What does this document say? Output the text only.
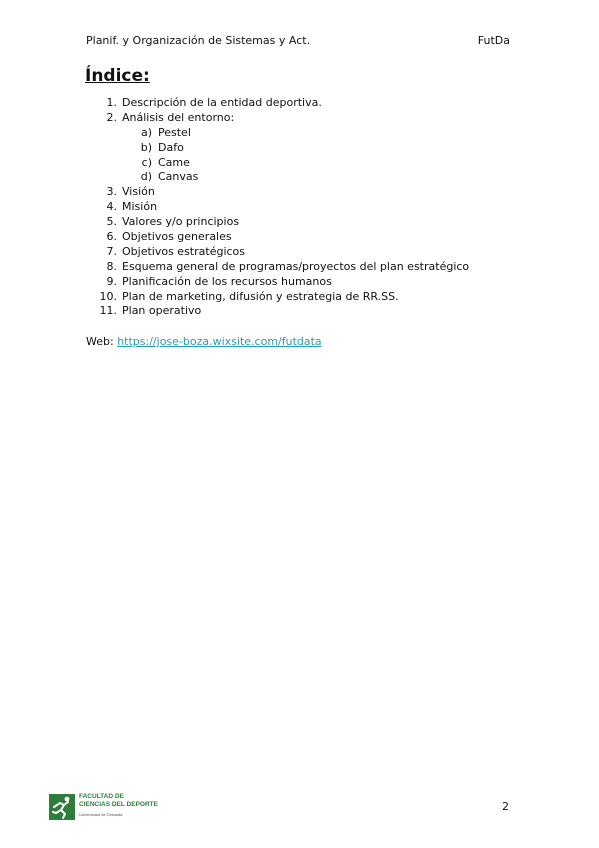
Planif. y Organización de Sistemas y Act.	FutDa
Índice:
1. Descripción de la entidad deportiva.
2. Análisis del entorno:
a) Pestel
b) Dafo
c) Came
d) Canvas
3. Visión
4. Misión
5. Valores y/o principios
6. Objetivos generales
7. Objetivos estratégicos
8. Esquema general de programas/proyectos del plan estratégico
9. Planificación de los recursos humanos
10. Plan de marketing, difusión y estrategia de RR.SS.
11. Plan operativo
Web: https://jose-boza.wixsite.com/futdata
FACULTAD DE
CIENCIAS DEL DEPORTE
Universidad de Granada
2
